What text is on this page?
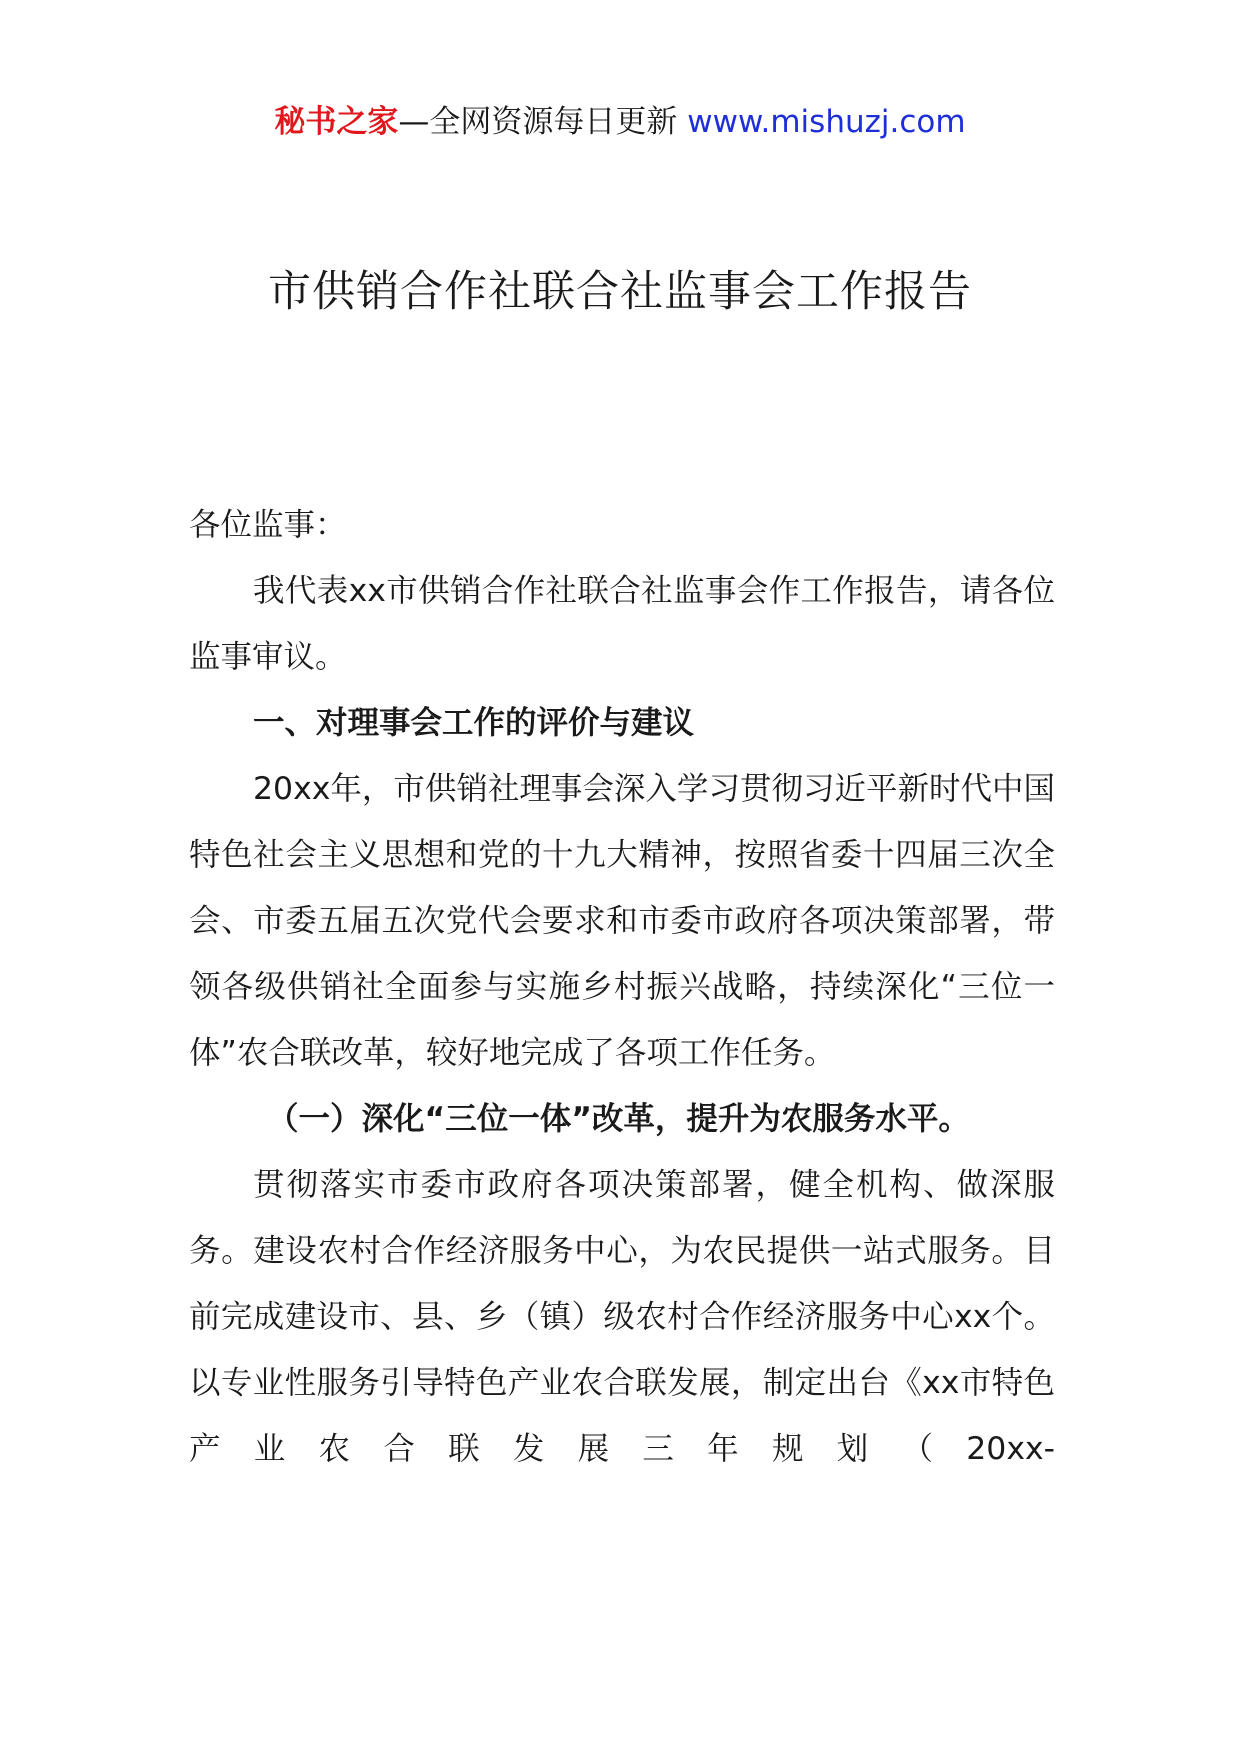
秘书之家—全网资源每日更新 www.mishuzj.com
市供销合作社联合社监事会工作报告

各位监事：

我代表xx市供销合作社联合社监事会作工作报告，请各位监事审议。

一、对理事会工作的评价与建议

20xx年，市供销社理事会深入学习贯彻习近平新时代中国特色社会主义思想和党的十九大精神，按照省委十四届三次全会、市委五届五次党代会要求和市委市政府各项决策部署，带领各级供销社全面参与实施乡村振兴战略，持续深化“三位一体”农合联改革，较好地完成了各项工作任务。

（一）深化“三位一体”改革，提升为农服务水平。

贯彻落实市委市政府各项决策部署，健全机构、做深服务。建设农村合作经济服务中心，为农民提供一站式服务。目前完成建设市、县、乡（镇）级农村合作经济服务中心xx个。以专业性服务引导特色产业农合联发展，制定出台《xx市特色产业农合联发展三年规划（20xx-
